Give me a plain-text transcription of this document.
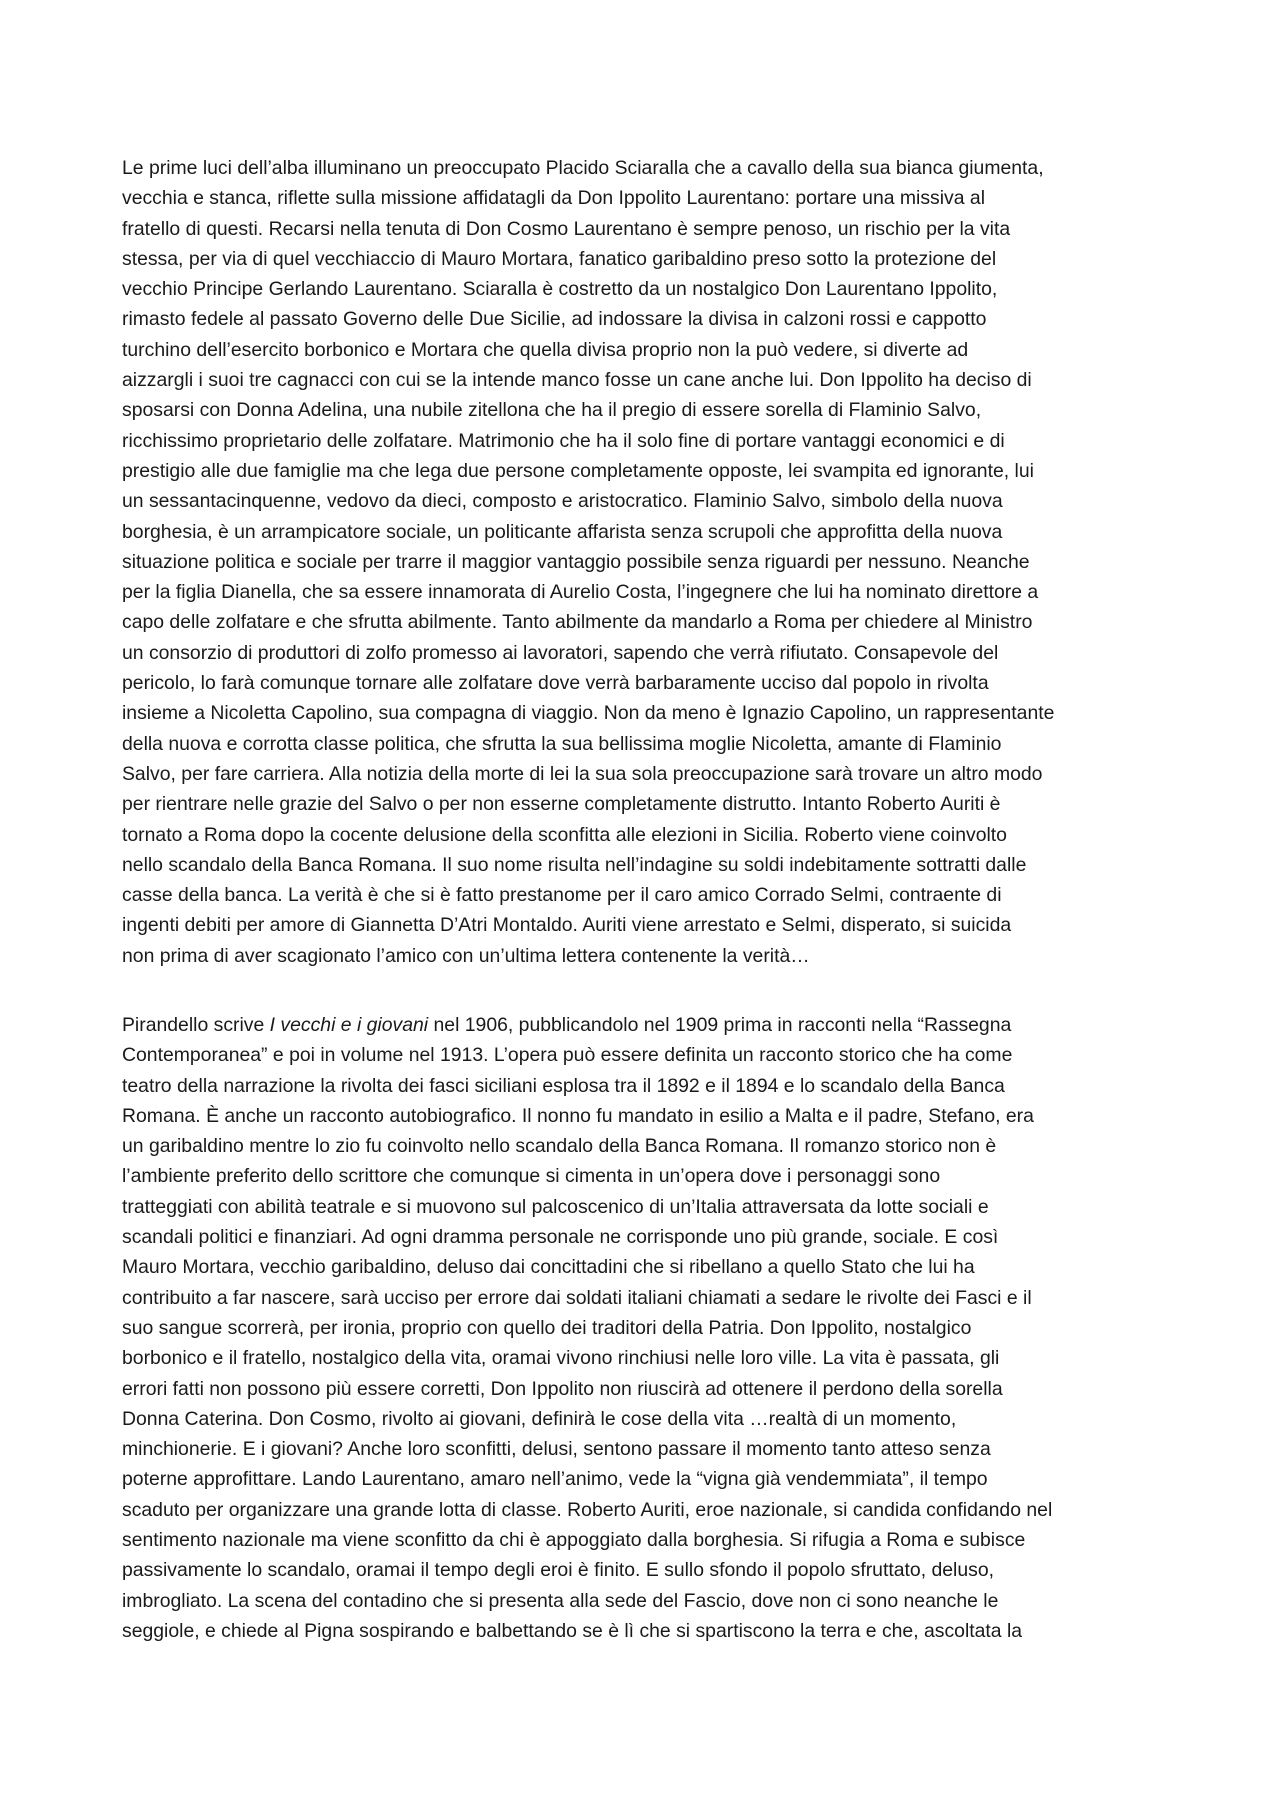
Le prime luci dell’alba illuminano un preoccupato Placido Sciaralla che a cavallo della sua bianca giumenta,
vecchia e stanca, riflette sulla missione affidatagli da Don Ippolito Laurentano: portare una missiva al
fratello di questi. Recarsi nella tenuta di Don Cosmo Laurentano è sempre penoso, un rischio per la vita
stessa, per via di quel vecchiaccio di Mauro Mortara, fanatico garibaldino preso sotto la protezione del
vecchio Principe Gerlando Laurentano. Sciaralla è costretto da un nostalgico Don Laurentano Ippolito,
rimasto fedele al passato Governo delle Due Sicilie, ad indossare la divisa in calzoni rossi e cappotto
turchino dell’esercito borbonico e Mortara che quella divisa proprio non la può vedere, si diverte ad
aizzargli i suoi tre cagnacci con cui se la intende manco fosse un cane anche lui. Don Ippolito ha deciso di
sposarsi con Donna Adelina, una nubile zitellona che ha il pregio di essere sorella di Flaminio Salvo,
ricchissimo proprietario delle zolfatare. Matrimonio che ha il solo fine di portare vantaggi economici e di
prestigio alle due famiglie ma che lega due persone completamente opposte, lei svampita ed ignorante, lui
un sessantacinquenne, vedovo da dieci, composto e aristocratico. Flaminio Salvo, simbolo della nuova
borghesia, è un arrampicatore sociale, un politicante affarista senza scrupoli che approfitta della nuova
situazione politica e sociale per trarre il maggior vantaggio possibile senza riguardi per nessuno. Neanche
per la figlia Dianella, che sa essere innamorata di Aurelio Costa, l’ingegnere che lui ha nominato direttore a
capo delle zolfatare e che sfrutta abilmente. Tanto abilmente da mandarlo a Roma per chiedere al Ministro
un consorzio di produttori di zolfo promesso ai lavoratori, sapendo che verrà rifiutato. Consapevole del
pericolo, lo farà comunque tornare alle zolfatare dove verrà barbaramente ucciso dal popolo in rivolta
insieme a Nicoletta Capolino, sua compagna di viaggio. Non da meno è Ignazio Capolino, un rappresentante
della nuova e corrotta classe politica, che sfrutta la sua bellissima moglie Nicoletta, amante di Flaminio
Salvo, per fare carriera. Alla notizia della morte di lei la sua sola preoccupazione sarà trovare un altro modo
per rientrare nelle grazie del Salvo o per non esserne completamente distrutto. Intanto Roberto Auriti è
tornato a Roma dopo la cocente delusione della sconfitta alle elezioni in Sicilia. Roberto viene coinvolto
nello scandalo della Banca Romana. Il suo nome risulta nell’indagine su soldi indebitamente sottratti dalle
casse della banca. La verità è che si è fatto prestanome per il caro amico Corrado Selmi, contraente di
ingenti debiti per amore di Giannetta D’Atri Montaldo. Auriti viene arrestato e Selmi, disperato, si suicida
non prima di aver scagionato l’amico con un’ultima lettera contenente la verità…

Pirandello scrive I vecchi e i giovani nel 1906, pubblicandolo nel 1909 prima in racconti nella “Rassegna
Contemporanea” e poi in volume nel 1913. L’opera può essere definita un racconto storico che ha come
teatro della narrazione la rivolta dei fasci siciliani esplosa tra il 1892 e il 1894 e lo scandalo della Banca
Romana. È anche un racconto autobiografico. Il nonno fu mandato in esilio a Malta e il padre, Stefano, era
un garibaldino mentre lo zio fu coinvolto nello scandalo della Banca Romana. Il romanzo storico non è
l’ambiente preferito dello scrittore che comunque si cimenta in un’opera dove i personaggi sono
tratteggiati con abilità teatrale e si muovono sul palcoscenico di un’Italia attraversata da lotte sociali e
scandali politici e finanziari. Ad ogni dramma personale ne corrisponde uno più grande, sociale. E così
Mauro Mortara, vecchio garibaldino, deluso dai concittadini che si ribellano a quello Stato che lui ha
contribuito a far nascere, sarà ucciso per errore dai soldati italiani chiamati a sedare le rivolte dei Fasci e il
suo sangue scorrerà, per ironia, proprio con quello dei traditori della Patria. Don Ippolito, nostalgico
borbonico e il fratello, nostalgico della vita, oramai vivono rinchiusi nelle loro ville. La vita è passata, gli
errori fatti non possono più essere corretti, Don Ippolito non riuscirà ad ottenere il perdono della sorella
Donna Caterina. Don Cosmo, rivolto ai giovani, definirà le cose della vita …realtà di un momento,
minchionerie. E i giovani? Anche loro sconfitti, delusi, sentono passare il momento tanto atteso senza
poterne approfittare. Lando Laurentano, amaro nell’animo, vede la “vigna già vendemmiata”, il tempo
scaduto per organizzare una grande lotta di classe. Roberto Auriti, eroe nazionale, si candida confidando nel
sentimento nazionale ma viene sconfitto da chi è appoggiato dalla borghesia. Si rifugia a Roma e subisce
passivamente lo scandalo, oramai il tempo degli eroi è finito. E sullo sfondo il popolo sfruttato, deluso,
imbrogliato. La scena del contadino che si presenta alla sede del Fascio, dove non ci sono neanche le
seggiole, e chiede al Pigna sospirando e balbettando se è lì che si spartiscono la terra e che, ascoltata la
